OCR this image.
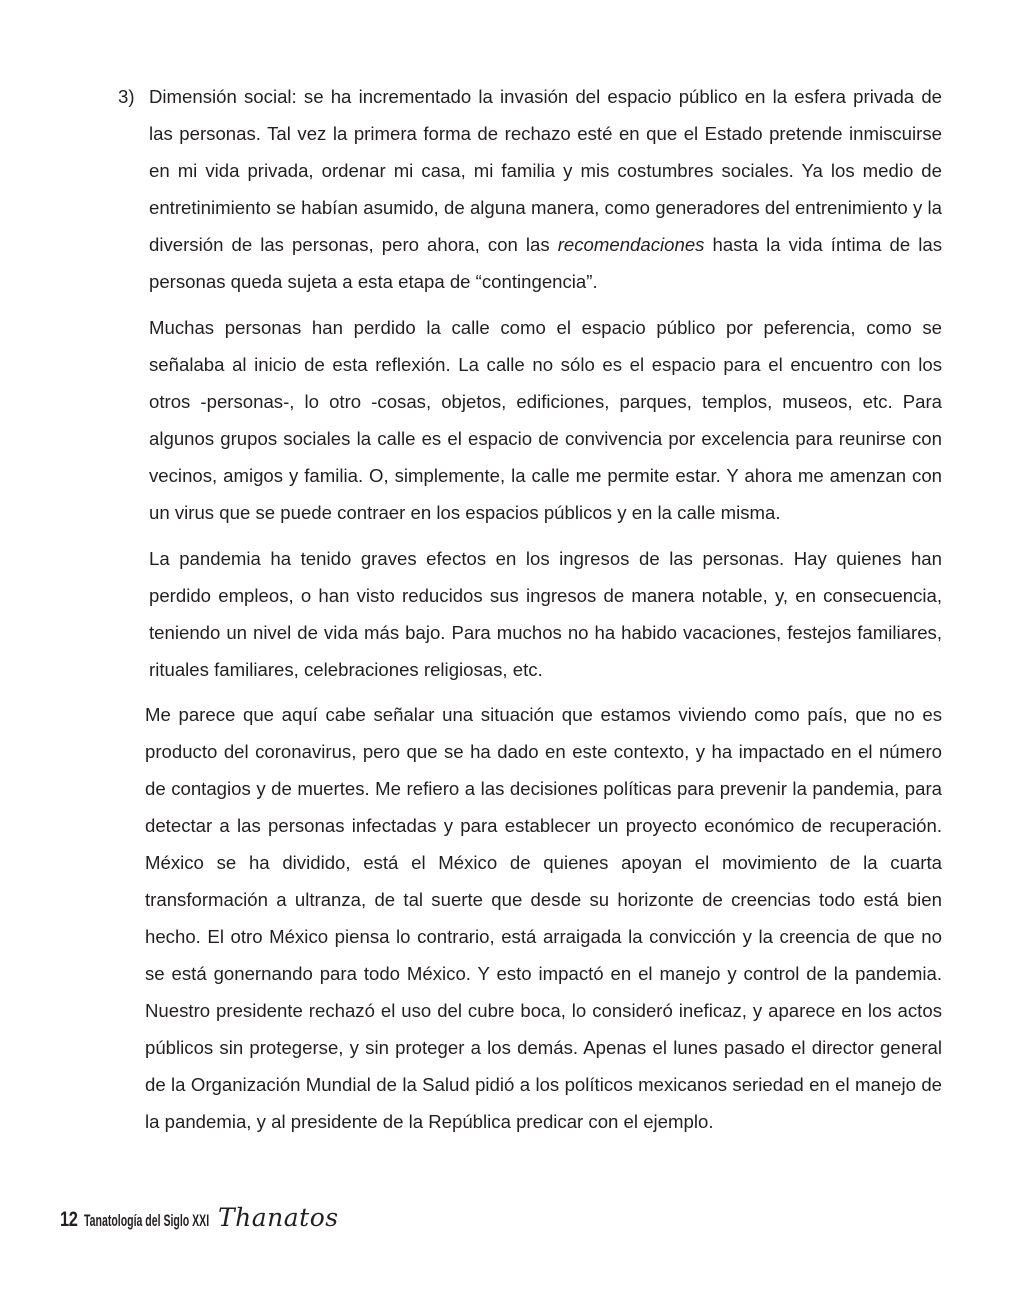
3) Dimensión social: se ha incrementado la invasión del espacio público en la esfera privada de las personas. Tal vez la primera forma de rechazo esté en que el Estado pretende inmiscuirse en mi vida privada, ordenar mi casa, mi familia y mis costumbres sociales. Ya los medio de entretinimiento se habían asumido, de alguna manera, como generadores del entrenimiento y la diversión de las personas, pero ahora, con las recomendaciones hasta la vida íntima de las personas queda sujeta a esta etapa de “contingencia”.

Muchas personas han perdido la calle como el espacio público por peferencia, como se señalaba al inicio de esta reflexión. La calle no sólo es el espacio para el encuentro con los otros -personas-, lo otro -cosas, objetos, edificiones, parques, templos, museos, etc. Para algunos grupos sociales la calle es el espacio de convivencia por excelencia para reunirse con vecinos, amigos y familia. O, simplemente, la calle me permite estar. Y ahora me amenzan con un virus que se puede contraer en los espacios públicos y en la calle misma.

La pandemia ha tenido graves efectos en los ingresos de las personas. Hay quienes han perdido empleos, o han visto reducidos sus ingresos de manera notable, y, en consecuencia, teniendo un nivel de vida más bajo. Para muchos no ha habido vacaciones, festejos familiares, rituales familiares, celebraciones religiosas, etc.

Me parece que aquí cabe señalar una situación que estamos viviendo como país, que no es producto del coronavirus, pero que se ha dado en este contexto, y ha impactado en el número de contagios y de muertes. Me refiero a las decisiones políticas para prevenir la pandemia, para detectar a las personas infectadas y para establecer un proyecto económico de recuperación. México se ha dividido, está el México de quienes apoyan el movimiento de la cuarta transformación a ultranza, de tal suerte que desde su horizonte de creencias todo está bien hecho. El otro México piensa lo contrario, está arraigada la convicción y la creencia de que no se está gonernando para todo México. Y esto impactó en el manejo y control de la pandemia. Nuestro presidente rechazó el uso del cubre boca, lo consideró ineficaz, y aparece en los actos públicos sin protegerse, y sin proteger a los demás. Apenas el lunes pasado el director general de la Organización Mundial de la Salud pidió a los políticos mexicanos seriedad en el manejo de la pandemia, y al presidente de la República predicar con el ejemplo.

12 Tanatología del Siglo XXI Thanatos
